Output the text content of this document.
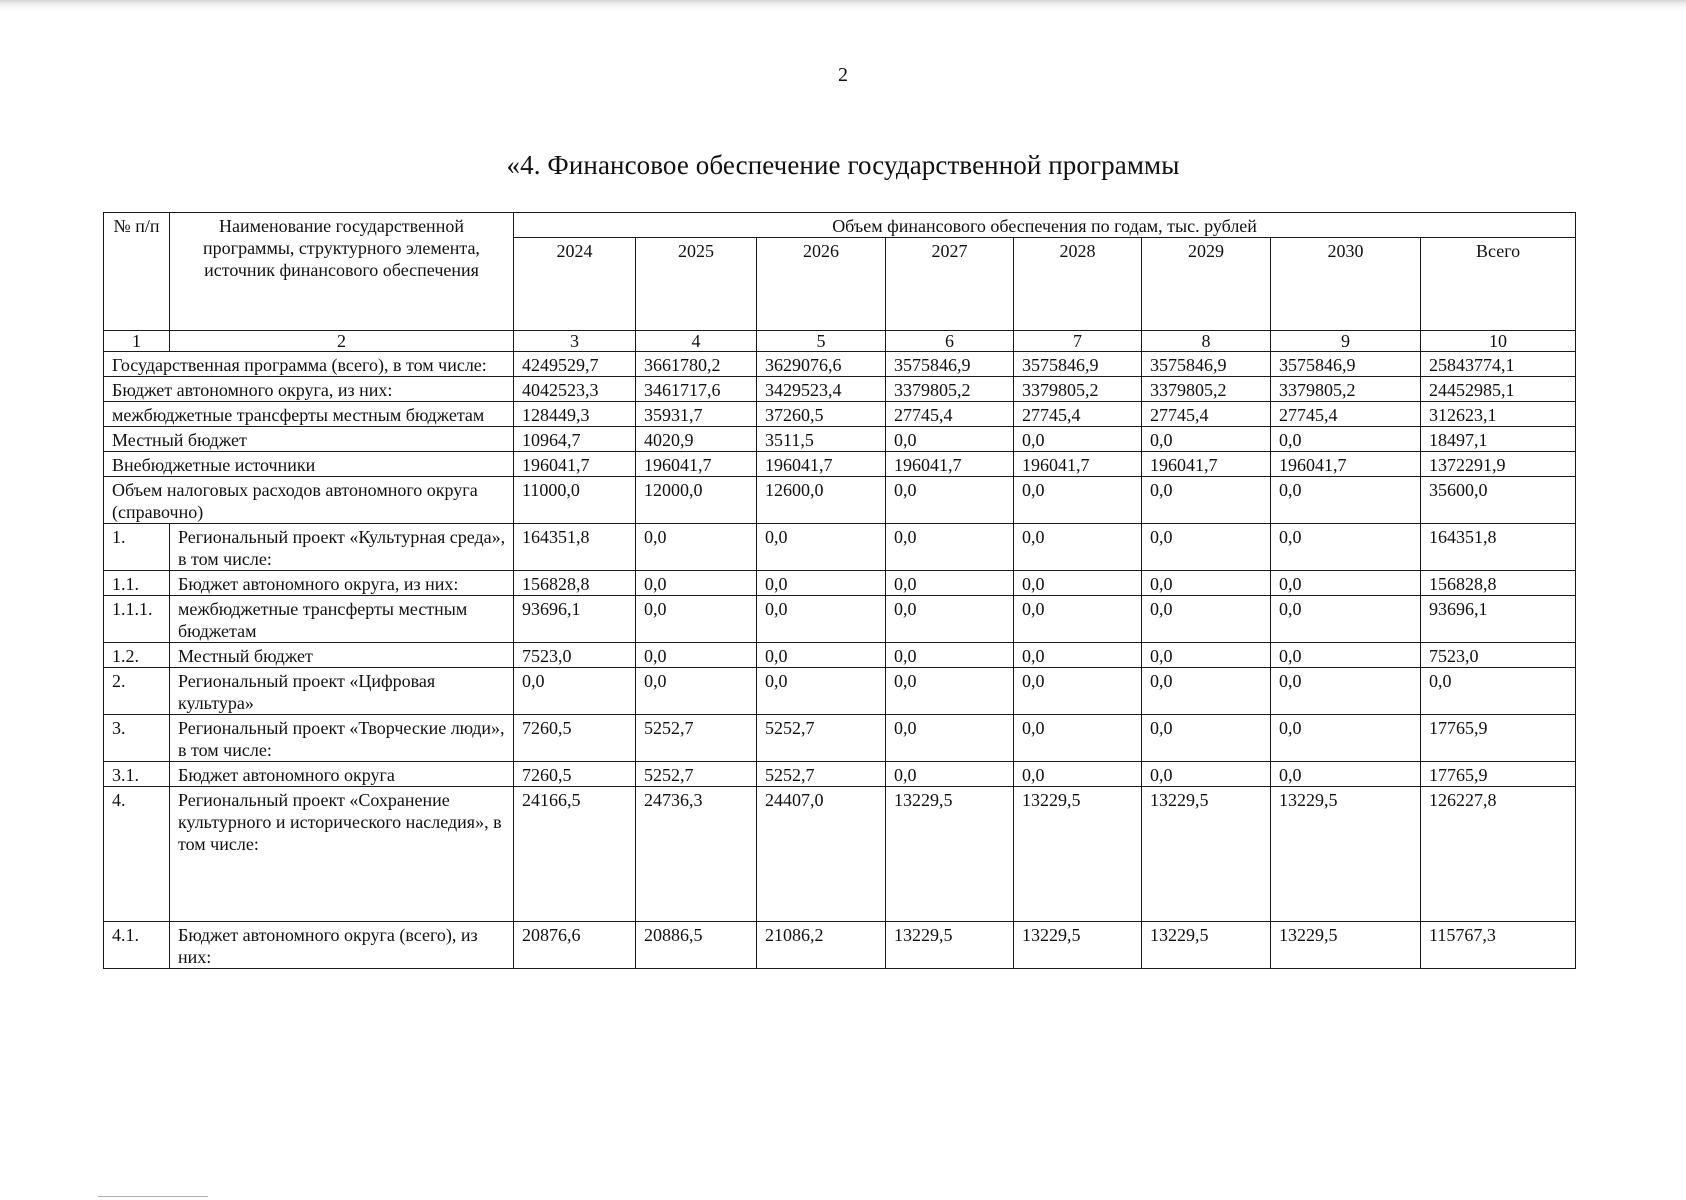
2
«4. Финансовое обеспечение государственной программы
№ п/п	Наименование государственной программы, структурного элемента, источник финансового обеспечения	Объем финансового обеспечения по годам, тыс. рублей							
		2024	2025	2026	2027	2028	2029	2030	Всего
1	2	3	4	5	6	7	8	9	10
Государственная программа (всего), в том числе:		4249529,7	3661780,2	3629076,6	3575846,9	3575846,9	3575846,9	3575846,9	25843774,1
Бюджет автономного округа, из них:		4042523,3	3461717,6	3429523,4	3379805,2	3379805,2	3379805,2	3379805,2	24452985,1
межбюджетные трансферты местным бюджетам		128449,3	35931,7	37260,5	27745,4	27745,4	27745,4	27745,4	312623,1
Местный бюджет		10964,7	4020,9	3511,5	0,0	0,0	0,0	0,0	18497,1
Внебюджетные источники		196041,7	196041,7	196041,7	196041,7	196041,7	196041,7	196041,7	1372291,9
Объем налоговых расходов автономного округа (справочно)		11000,0	12000,0	12600,0	0,0	0,0	0,0	0,0	35600,0
1.	Региональный проект «Культурная среда», в том числе:	164351,8	0,0	0,0	0,0	0,0	0,0	0,0	164351,8
1.1.	Бюджет автономного округа, из них:	156828,8	0,0	0,0	0,0	0,0	0,0	0,0	156828,8
1.1.1.	межбюджетные трансферты местным бюджетам	93696,1	0,0	0,0	0,0	0,0	0,0	0,0	93696,1
1.2.	Местный бюджет	7523,0	0,0	0,0	0,0	0,0	0,0	0,0	7523,0
2.	Региональный проект «Цифровая культура»	0,0	0,0	0,0	0,0	0,0	0,0	0,0	0,0
3.	Региональный проект «Творческие люди», в том числе:	7260,5	5252,7	5252,7	0,0	0,0	0,0	0,0	17765,9
3.1.	Бюджет автономного округа	7260,5	5252,7	5252,7	0,0	0,0	0,0	0,0	17765,9
4.	Региональный проект «Сохранение культурного и исторического наследия», в том числе:	24166,5	24736,3	24407,0	13229,5	13229,5	13229,5	13229,5	126227,8
4.1.	Бюджет автономного округа (всего), из них:	20876,6	20886,5	21086,2	13229,5	13229,5	13229,5	13229,5	115767,3
